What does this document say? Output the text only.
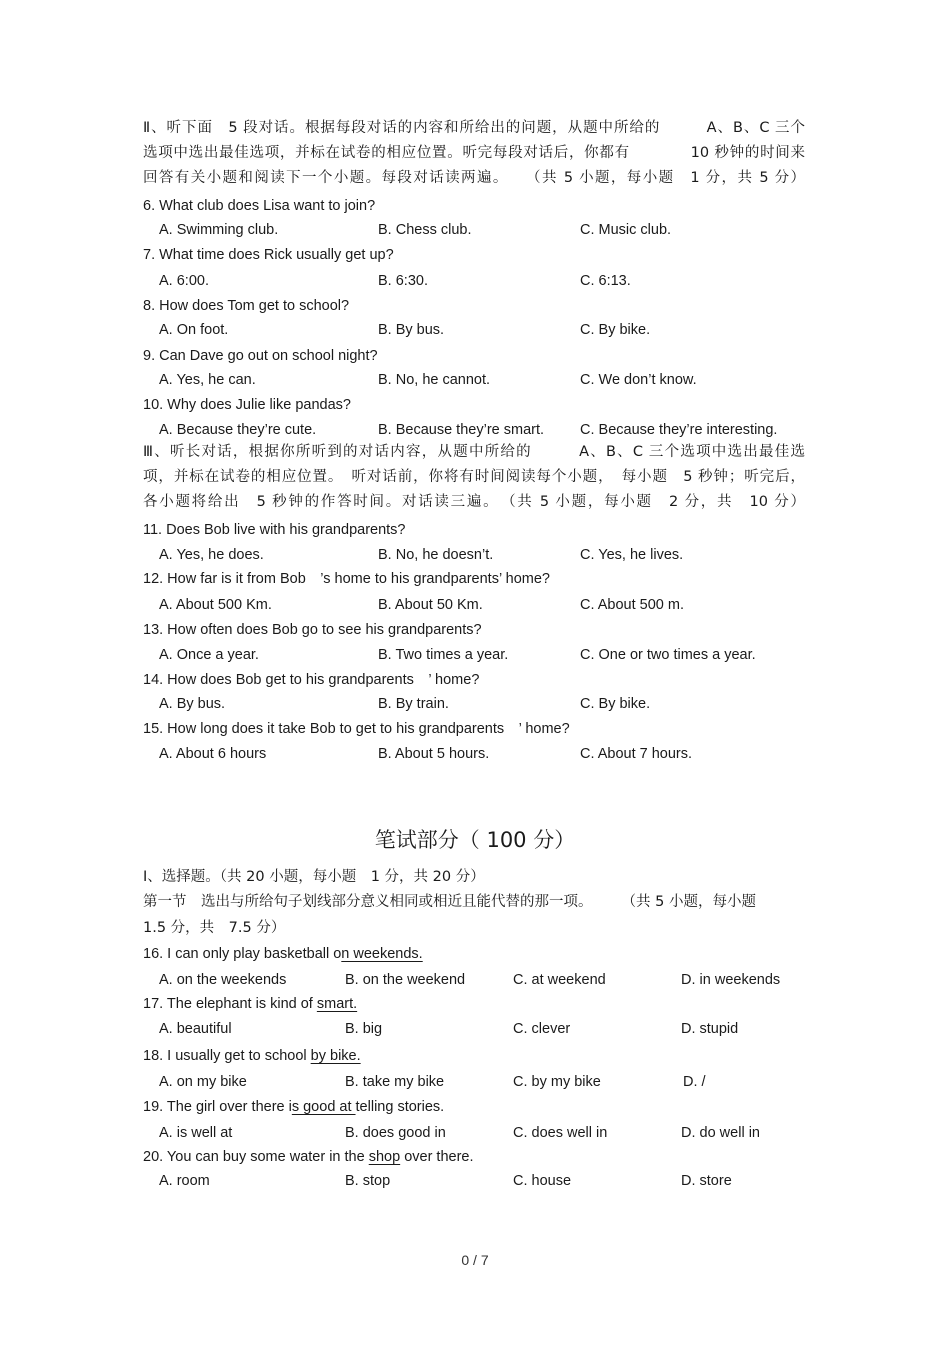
Ⅱ、听下面　5 段对话。根据每段对话的内容和所给出的问题，从题中所给的　　　A、B、C 三个
选项中选出最佳选项，并标在试卷的相应位置。听完每段对话后，你都有　　　　10 秒钟的时间来
回答有关小题和阅读下一个小题。每段对话读两遍。　　（共 5 小题，每小题　1 分，共 5 分）
6. What club does Lisa want to join?
A. Swimming club.	B. Chess club.	C. Music club.
7. What time does Rick usually get up?
A. 6:00.	B. 6:30.	C. 6:13.
8. How does Tom get to school?
A. On foot.	B. By bus.	C. By bike.
9. Can Dave go out on school night?
A. Yes, he can.	B. No, he cannot.	C. We don’t know.
10. Why does Julie like pandas?
A. Because they’re cute.	B. Because they’re smart. C. Because they’re interesting.
Ⅲ、听长对话，根据你所听到的对话内容，从题中所给的　　　A、B、C 三个选项中选出最佳选
项，并标在试卷的相应位置。　听对话前，你将有时间阅读每个小题，　每小题　5 秒钟；听完后，
各小题将给出　5 秒钟的作答时间。对话读三遍。　（共 5 小题，每小题　2 分，共　10 分）
11. Does Bob live with his grandparents?
A. Yes, he does.	B. No, he doesn’t.	C. Yes, he lives.
12. How far is it from Bob　’s home to his grandparents’ home?
A. About 500 Km.	B. About 50 Km.	C. About 500 m.
13. How often does Bob go to see his grandparents?
A. Once a year.	B. Two times a year.	C. One or two times a year.
14. How does Bob get to his grandparents　’ home?
A. By bus.	B. By train.	C. By bike.
15. How long does it take Bob to get to his grandparents　’ home?
A. About 6 hours	B. About 5 hours.	C. About 7 hours.
笔试部分（ 100 分）
Ⅰ、选择题。（共 20 小题，每小题　1 分，共 20 分）
第一节　选出与所给句子划线部分意义相同或相近且能代替的那一项。　　　（共 5 小题，每小题
1.5 分，共　7.5 分）
16. I can only play basketball on weekends.
A. on the weekends	B. on the weekend	C. at weekend	D. in weekends
17. The elephant is kind of smart.
A. beautiful	B. big	C. clever	D. stupid
18. I usually get to school by bike.
A. on my bike	B. take my bike	C. by my bike	D. /
19. The girl over there is good at telling stories.
A. is well at	B. does good in	C. does well in	D. do well in
20. You can buy some water in the shop over there.
A. room	B. stop	C. house	D. store
0 / 7
